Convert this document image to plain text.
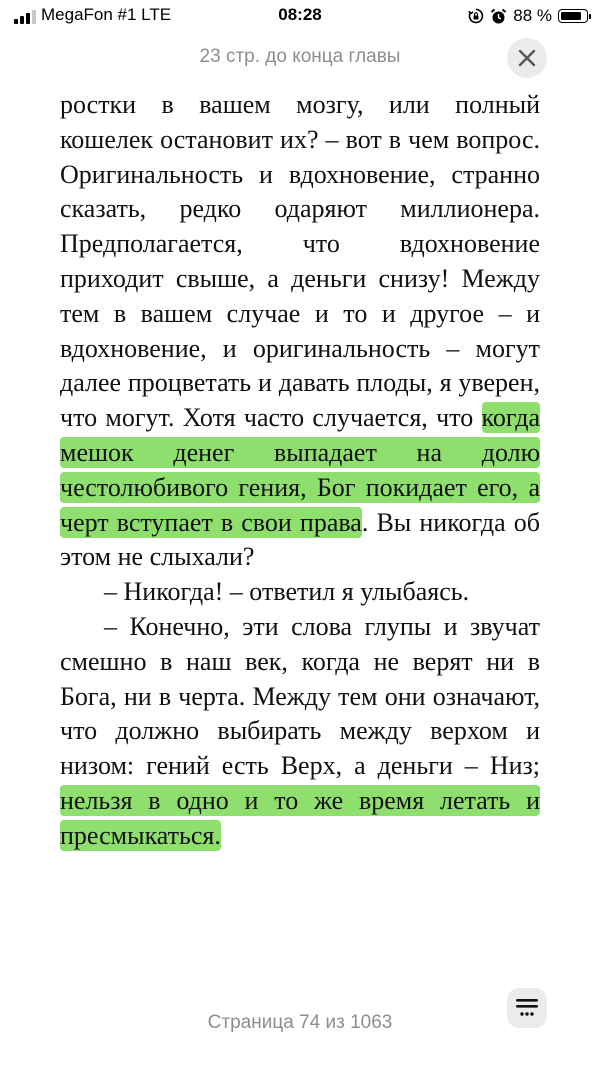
MegaFon #1 LTE	08:28	88 %
23 стр. до конца главы

ростки в вашем мозгу, или полный кошелек остановит их? – вот в чем вопрос. Оригинальность и вдохновение, странно сказать, редко одаряют миллионера. Предполагается, что вдохновение приходит свыше, а деньги снизу! Между тем в вашем случае и то и другое – и вдохновение, и оригинальность – могут далее процветать и давать плоды, я уверен, что могут. Хотя часто случается, что когда мешок денег выпадает на долю честолюбивого гения, Бог покидает его, а черт вступает в свои права. Вы никогда об этом не слыхали?

– Никогда! – ответил я улыбаясь.

– Конечно, эти слова глупы и звучат смешно в наш век, когда не верят ни в Бога, ни в черта. Между тем они означают, что должно выбирать между верхом и низом: гений есть Верх, а деньги – Низ; нельзя в одно и то же время летать и пресмыкаться.

Страница 74 из 1063
